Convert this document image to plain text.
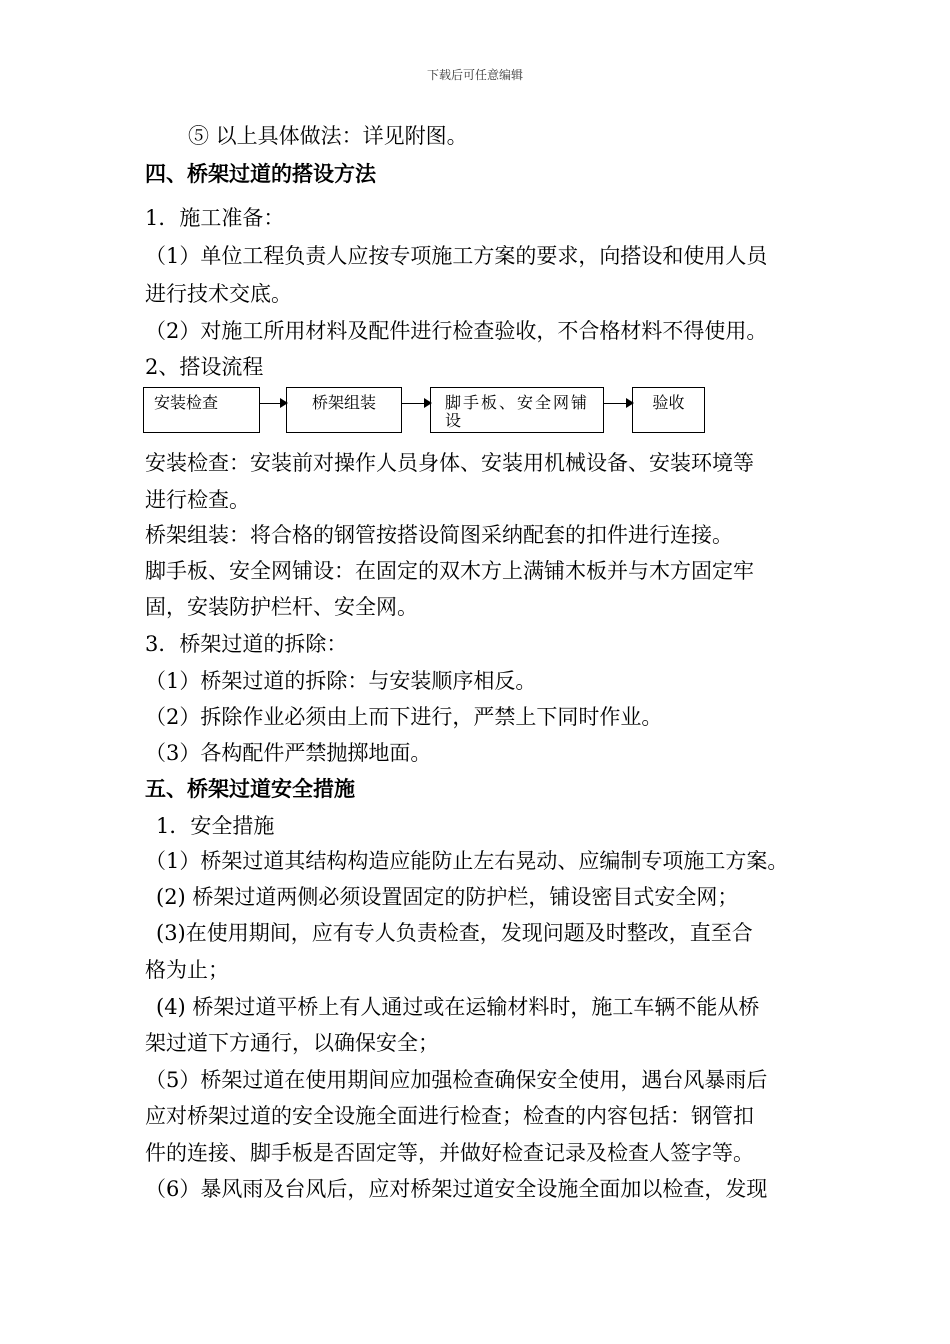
下载后可任意编辑
⑤ 以上具体做法：详见附图。
四、桥架过道的搭设方法
1．施工准备：
（1）单位工程负责人应按专项施工方案的要求，向搭设和使用人员
进行技术交底。
（2）对施工所用材料及配件进行检查验收，不合格材料不得使用。
2、搭设流程
安装检查	桥架组装	脚手板、安全网铺设
验收
安装检查：安装前对操作人员身体、安装用机械设备、安装环境等
进行检查。
桥架组装：将合格的钢管按搭设简图采纳配套的扣件进行连接。
脚手板、安全网铺设：在固定的双木方上满铺木板并与木方固定牢
固，安装防护栏杆、安全网。
3．桥架过道的拆除：
（1）桥架过道的拆除：与安装顺序相反。
（2）拆除作业必须由上而下进行，严禁上下同时作业。
（3）各构配件严禁抛掷地面。
五、桥架过道安全措施
1．安全措施
（1）桥架过道其结构构造应能防止左右晃动、应编制专项施工方案。
(2) 桥架过道两侧必须设置固定的防护栏，铺设密目式安全网；
(3)在使用期间，应有专人负责检查，发现问题及时整改，直至合
格为止；
(4) 桥架过道平桥上有人通过或在运输材料时，施工车辆不能从桥
架过道下方通行，以确保安全；
（5）桥架过道在使用期间应加强检查确保安全使用，遇台风暴雨后
应对桥架过道的安全设施全面进行检查；检查的内容包括：钢管扣
件的连接、脚手板是否固定等，并做好检查记录及检查人签字等。
（6）暴风雨及台风后，应对桥架过道安全设施全面加以检查，发现
